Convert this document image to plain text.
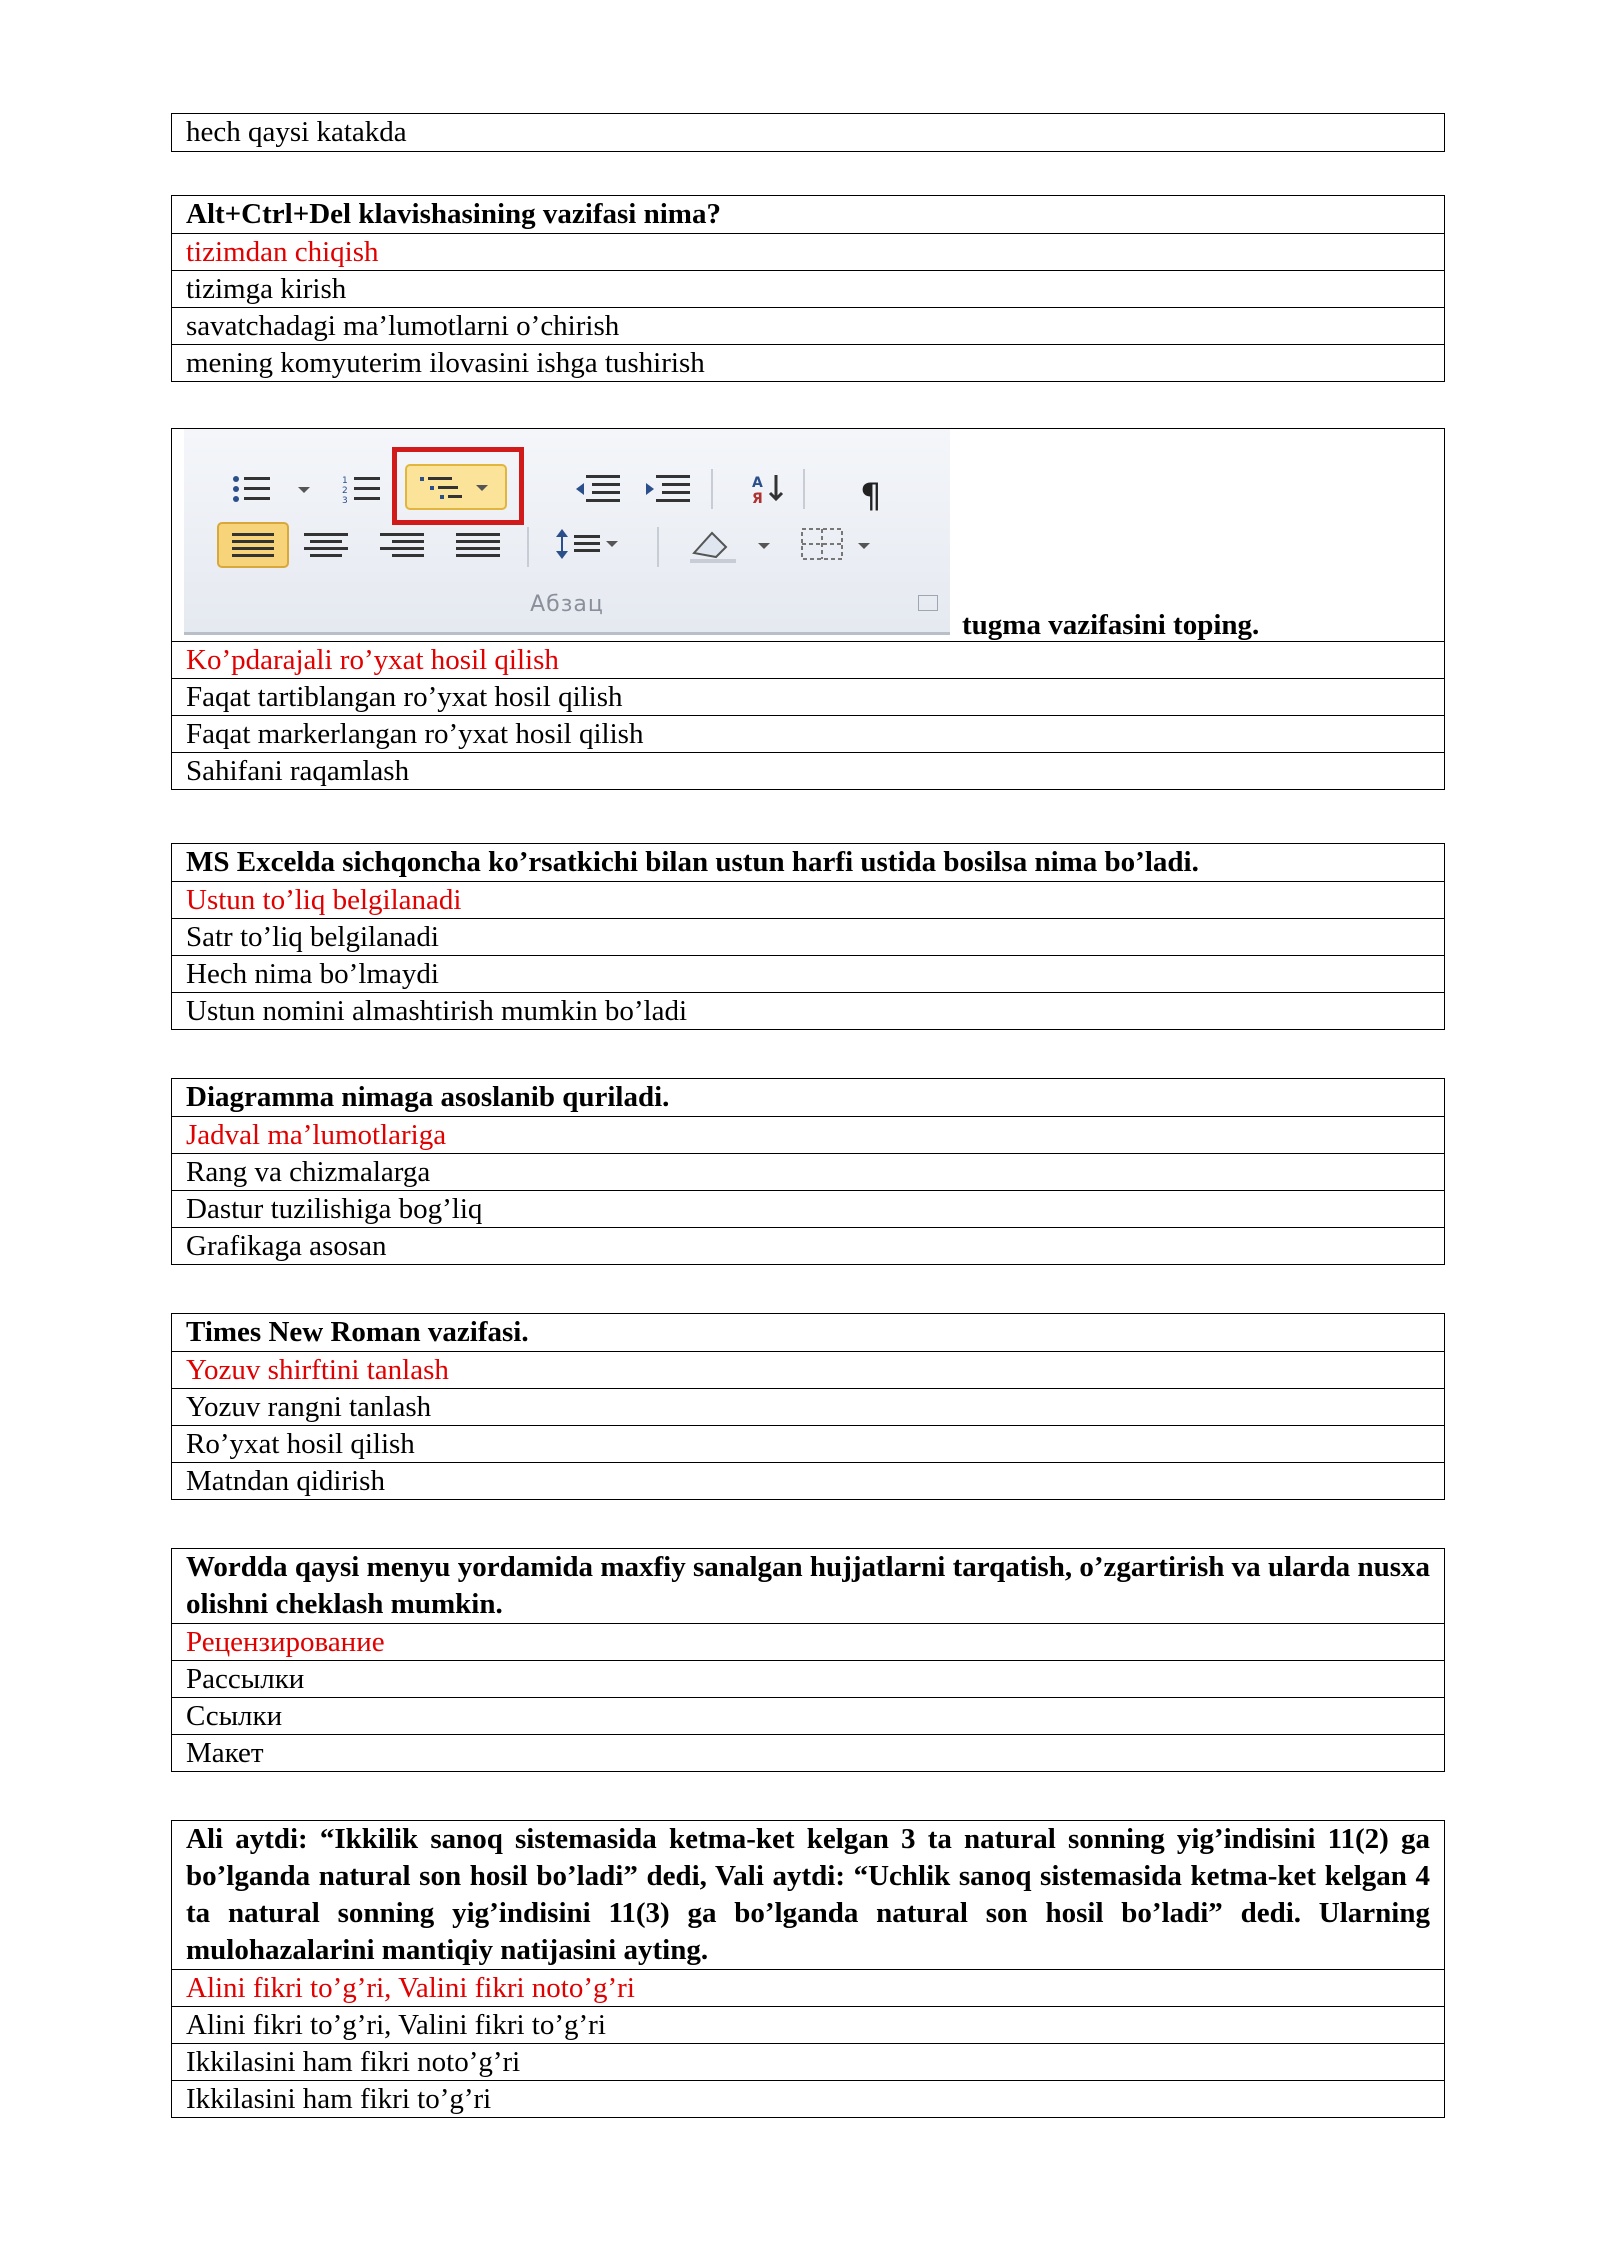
hech qaysi katakda
Alt+Ctrl+Del klavishasining vazifasi nima?
tizimdan chiqish
tizimga kirish
savatchadagi ma’lumotlarni o’chirish
mening komyuterim ilovasini ishga tushirish
1
2
3
A
Я	¶
Абзац
tugma vazifasini toping.
Ko’pdarajali ro’yxat hosil qilish
Faqat tartiblangan ro’yxat hosil qilish
Faqat markerlangan ro’yxat hosil qilish
Sahifani raqamlash
MS Excelda sichqoncha ko’rsatkichi bilan ustun harfi ustida bosilsa nima bo’ladi.
Ustun to’liq belgilanadi
Satr to’liq belgilanadi
Hech nima bo’lmaydi
Ustun nomini almashtirish mumkin bo’ladi
Diagramma nimaga asoslanib quriladi.
Jadval ma’lumotlariga
Rang va chizmalarga
Dastur tuzilishiga bog’liq
Grafikaga asosan
Times New Roman vazifasi.
Yozuv shirftini tanlash
Yozuv rangni tanlash
Ro’yxat hosil qilish
Matndan qidirish
Wordda qaysi menyu yordamida maxfiy sanalgan hujjatlarni tarqatish, o’zgartirish va ularda nusxa olishni cheklash mumkin.
Рецензирование
Рассылки
Ссылки
Макет
Ali aytdi: “Ikkilik sanoq sistemasida ketma-ket kelgan 3 ta natural sonning yig’indisini 11(2) ga bo’lganda natural son hosil bo’ladi” dedi, Vali aytdi: “Uchlik sanoq sistemasida ketma-ket kelgan 4 ta natural sonning yig’indisini 11(3) ga bo’lganda natural son hosil bo’ladi” dedi. Ularning mulohazalarini mantiqiy natijasini ayting.
Alini fikri to’g’ri, Valini fikri noto’g’ri
Alini fikri to’g’ri, Valini fikri to’g’ri
Ikkilasini ham fikri noto’g’ri
Ikkilasini ham fikri to’g’ri
